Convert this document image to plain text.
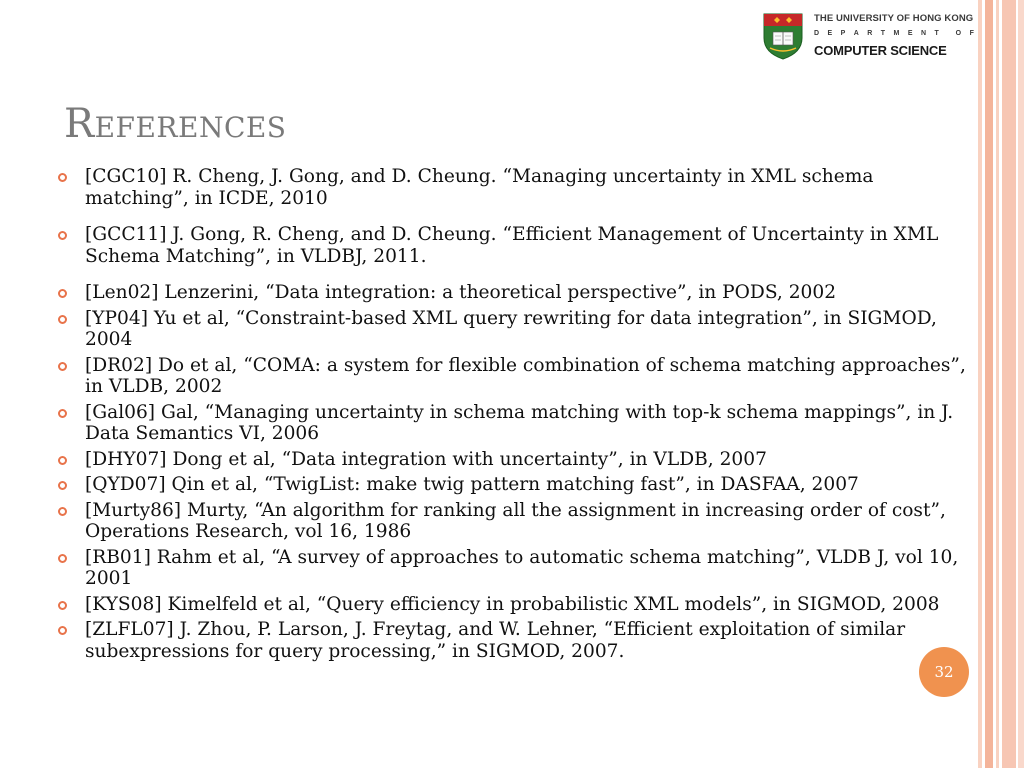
THE UNIVERSITY OF HONG KONG
D E P A R T M E N T O F
COMPUTER SCIENCE
References
[CGC10] R. Cheng, J. Gong, and D. Cheung. “Managing uncertainty in XML schema matching”, in ICDE, 2010
[GCC11] J. Gong, R. Cheng, and D. Cheung. “Efficient Management of Uncertainty in XML Schema Matching”, in VLDBJ, 2011.
[Len02] Lenzerini, “Data integration: a theoretical perspective”, in PODS, 2002
[YP04] Yu et al, “Constraint-based XML query rewriting for data integration”, in SIGMOD, 2004
[DR02] Do et al, “COMA: a system for flexible combination of schema matching approaches”, in VLDB, 2002
[Gal06] Gal, “Managing uncertainty in schema matching with top-k schema mappings”, in J. Data Semantics VI, 2006
[DHY07] Dong et al, “Data integration with uncertainty”, in VLDB, 2007
[QYD07] Qin et al, “TwigList: make twig pattern matching fast”, in DASFAA, 2007
[Murty86] Murty, “An algorithm for ranking all the assignment in increasing order of cost”, Operations Research, vol 16, 1986
[RB01] Rahm et al, “A survey of approaches to automatic schema matching”, VLDB J, vol 10, 2001
[KYS08] Kimelfeld et al, “Query efficiency in probabilistic XML models”, in SIGMOD, 2008
[ZLFL07] J. Zhou, P. Larson, J. Freytag, and W. Lehner, “Efficient exploitation of similar subexpressions for query processing,” in SIGMOD, 2007.
32
